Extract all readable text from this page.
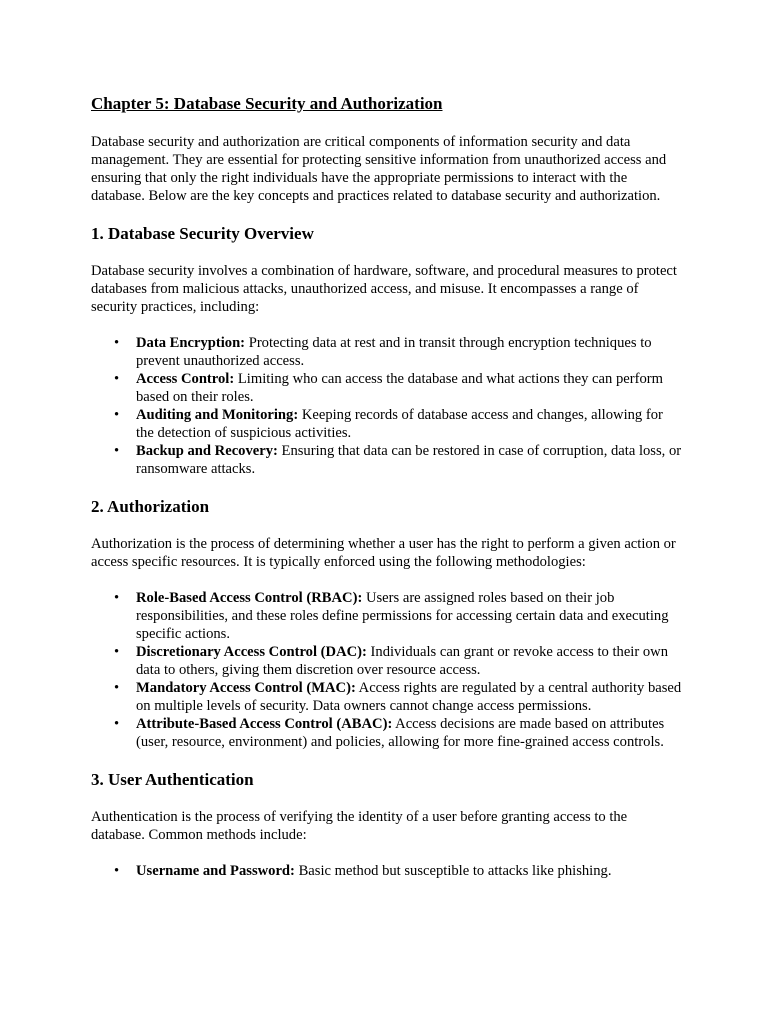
Chapter 5: Database Security and Authorization

Database security and authorization are critical components of information security and data management. They are essential for protecting sensitive information from unauthorized access and ensuring that only the right individuals have the appropriate permissions to interact with the database. Below are the key concepts and practices related to database security and authorization.

1. Database Security Overview

Database security involves a combination of hardware, software, and procedural measures to protect databases from malicious attacks, unauthorized access, and misuse. It encompasses a range of security practices, including:

• Data Encryption: Protecting data at rest and in transit through encryption techniques to prevent unauthorized access.
• Access Control: Limiting who can access the database and what actions they can perform based on their roles.
• Auditing and Monitoring: Keeping records of database access and changes, allowing for the detection of suspicious activities.
• Backup and Recovery: Ensuring that data can be restored in case of corruption, data loss, or ransomware attacks.
2. Authorization

Authorization is the process of determining whether a user has the right to perform a given action or access specific resources. It is typically enforced using the following methodologies:

• Role-Based Access Control (RBAC): Users are assigned roles based on their job responsibilities, and these roles define permissions for accessing certain data and executing specific actions.
• Discretionary Access Control (DAC): Individuals can grant or revoke access to their own data to others, giving them discretion over resource access.
• Mandatory Access Control (MAC): Access rights are regulated by a central authority based on multiple levels of security. Data owners cannot change access permissions.
• Attribute-Based Access Control (ABAC): Access decisions are made based on attributes (user, resource, environment) and policies, allowing for more fine-grained access controls.
3. User Authentication

Authentication is the process of verifying the identity of a user before granting access to the database. Common methods include:

• Username and Password: Basic method but susceptible to attacks like phishing.
